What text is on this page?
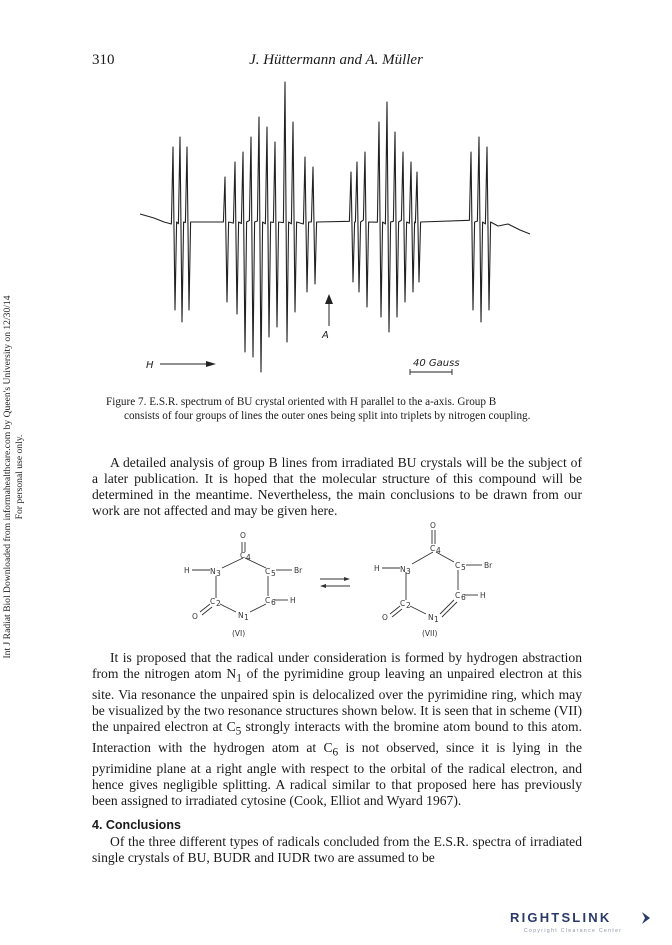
310	J. Hüttermann and A. Müller
Int J Radiat Biol Downloaded from informahealthcare.com by Queen's University on 12/30/14 For personal use only.
A
H	40 Gauss
Figure 7. E.S.R. spectrum of BU crystal oriented with H parallel to the a-axis. Group B
consists of four groups of lines the outer ones being split into triplets by nitrogen coupling.

A detailed analysis of group B lines from irradiated BU crystals will be the subject of a later publication. It is hoped that the molecular structure of this compound will be determined in the meantime. Nevertheless, the main conclusions to be drawn from our work are not affected and may be given here.

O
C 4
H	N 3	C 5 Br
C 2	C 6 H
N 1
O
(VI)
O
C 4
H	N 3
C 5 Br
C 2
C 6 H
N 1
O
(VII)

It is proposed that the radical under consideration is formed by hydrogen abstraction from the nitrogen atom $N_1$ of the pyrimidine group leaving an unpaired electron at this site. Via resonance the unpaired spin is delocalized over the pyrimidine ring, which may be visualized by the two resonance structures shown below. It is seen that in scheme (VII) the unpaired electron at $C_5$ strongly interacts with the bromine atom bound to this atom. Interaction with the hydrogen atom at $C_6$ is not observed, since it is lying in the pyrimidine plane at a right angle with respect to the orbital of the radical electron, and hence gives negligible splitting. A radical similar to that proposed here has previously been assigned to irradiated cytosine (Cook, Elliot and Wyard 1967).

4. Conclusions

Of the three different types of radicals concluded from the E.S.R. spectra of irradiated single crystals of BU, BUDR and IUDR two are assumed to be

RIGHTSLINK
Copyright Clearance Center
